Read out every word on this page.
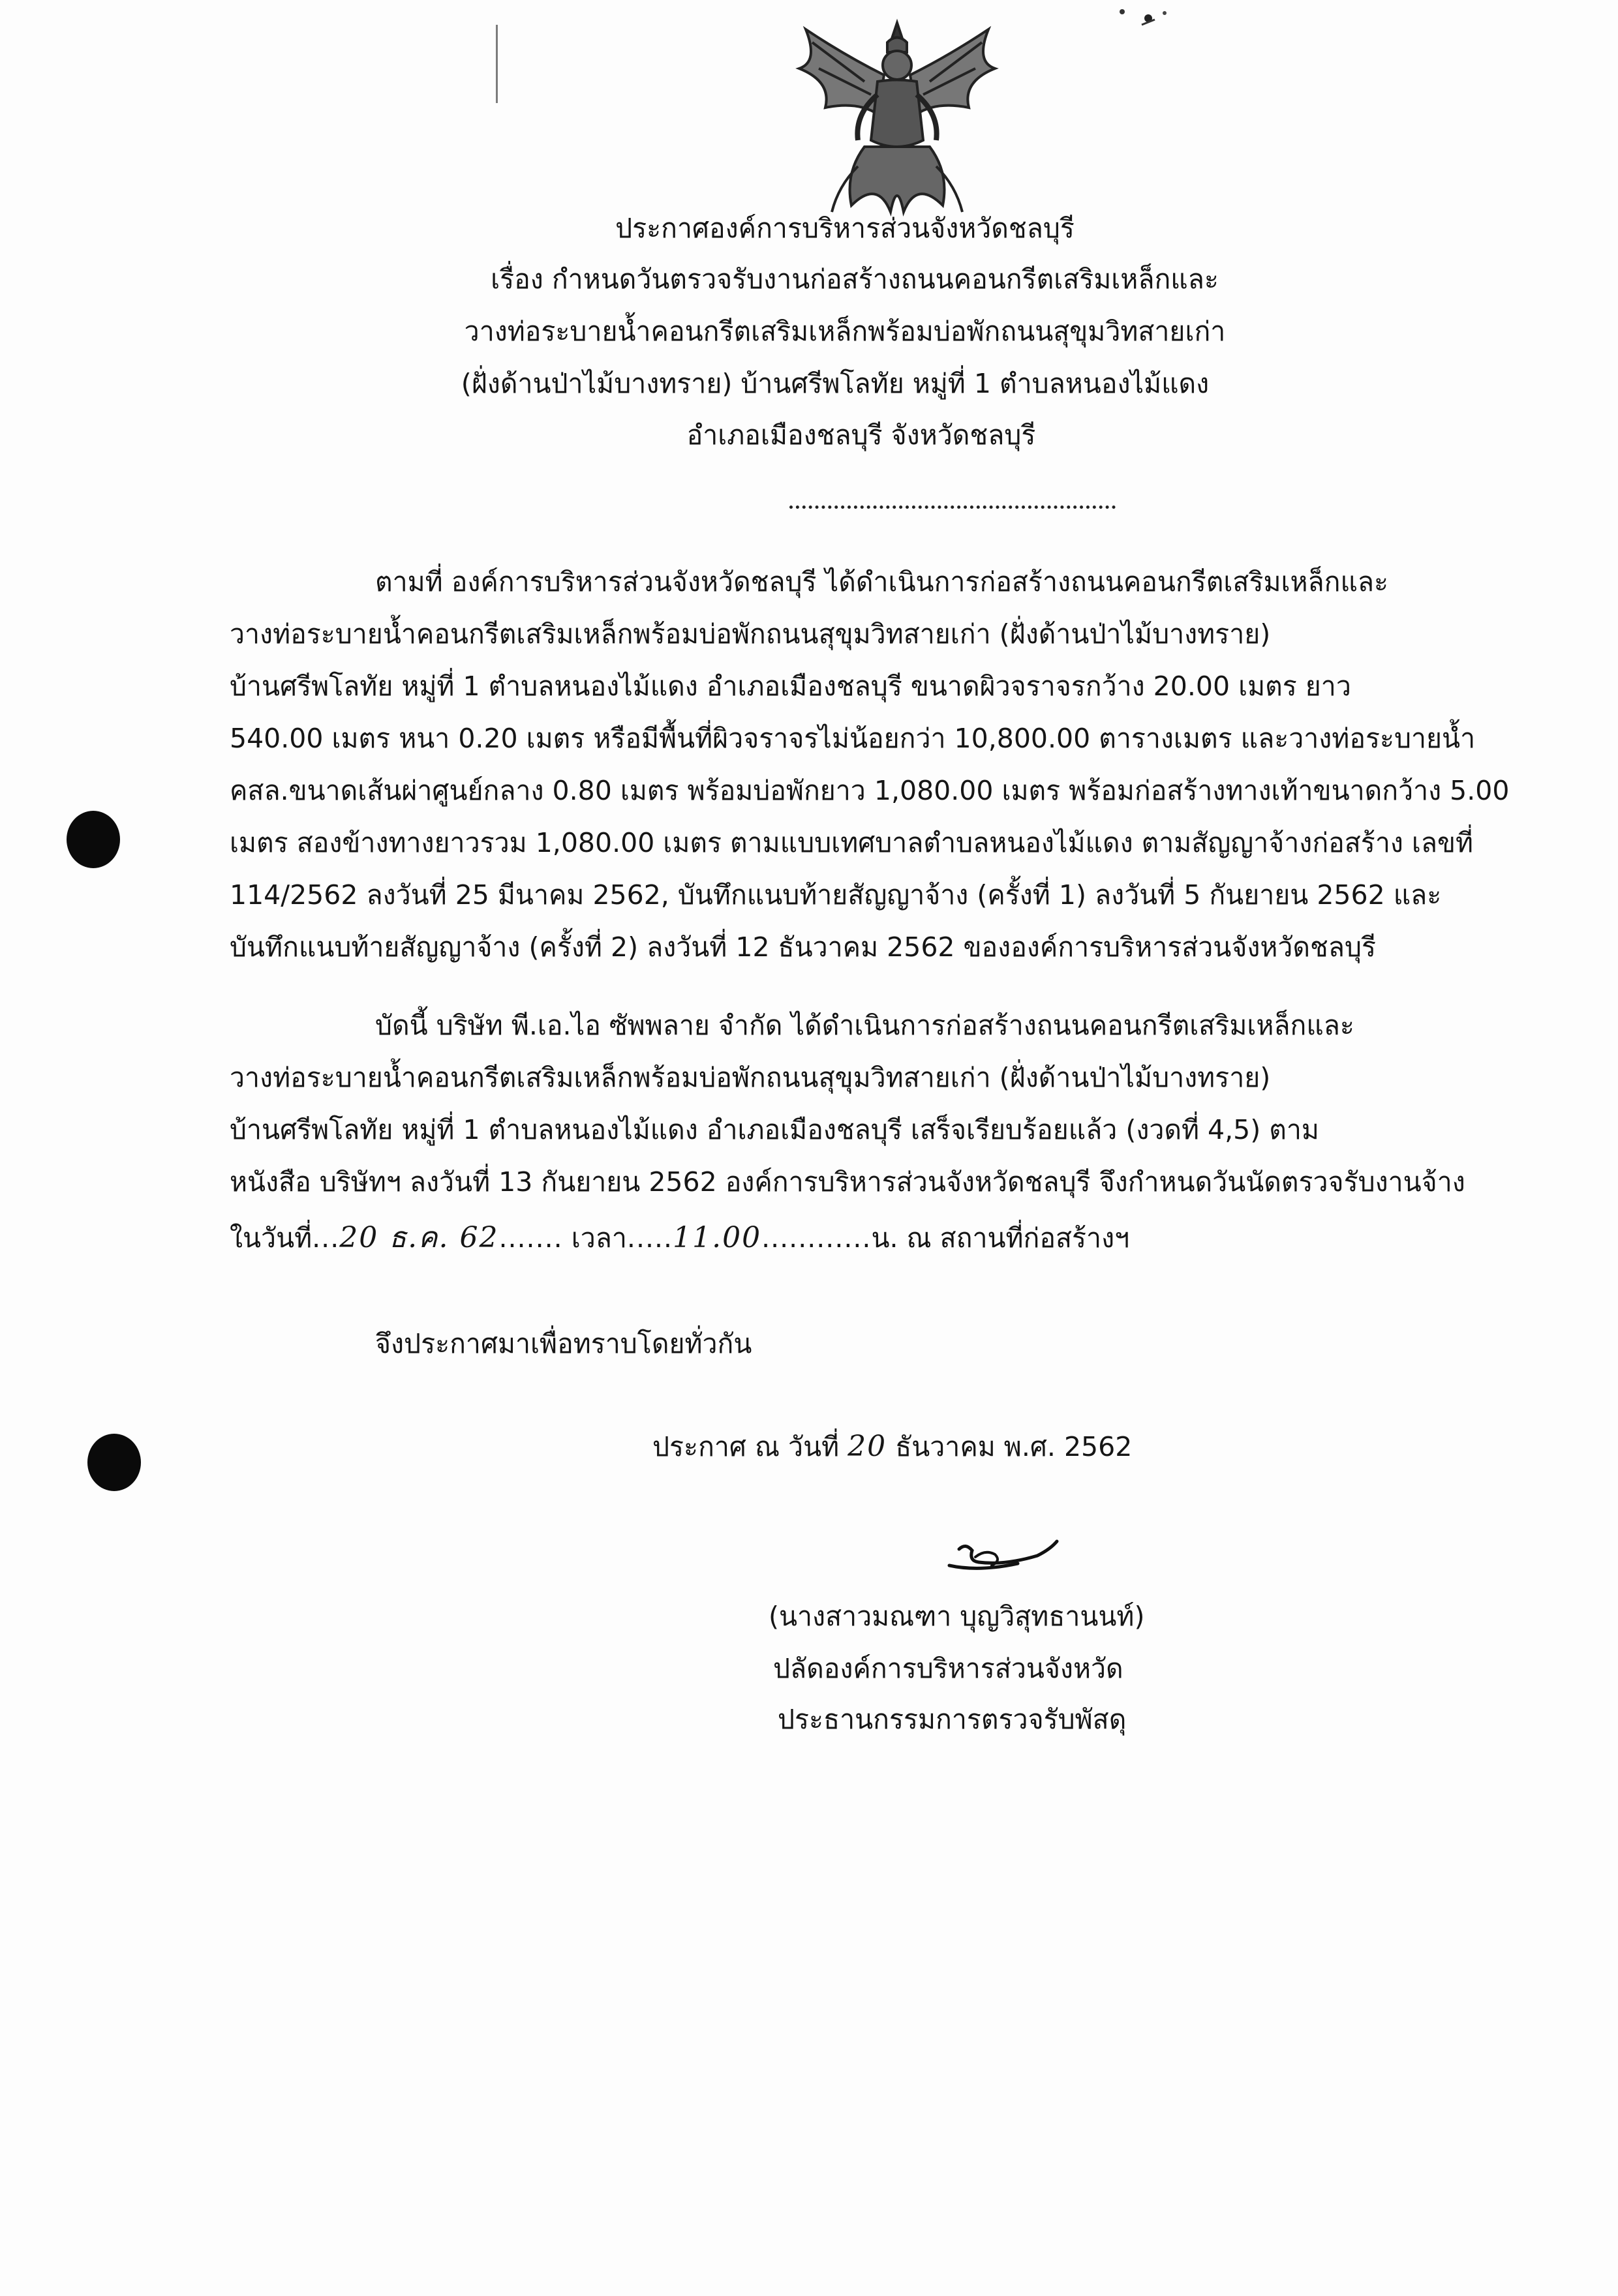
ประกาศองค์การบริหารส่วนจังหวัดชลบุรี
เรื่อง กำหนดวันตรวจรับงานก่อสร้างถนนคอนกรีตเสริมเหล็กและ
วางท่อระบายน้ำคอนกรีตเสริมเหล็กพร้อมบ่อพักถนนสุขุมวิทสายเก่า
(ฝั่งด้านป่าไม้บางทราย) บ้านศรีพโลทัย หมู่ที่ 1 ตำบลหนองไม้แดง
อำเภอเมืองชลบุรี จังหวัดชลบุรี
ตามที่ องค์การบริหารส่วนจังหวัดชลบุรี ได้ดำเนินการก่อสร้างถนนคอนกรีตเสริมเหล็กและ
วางท่อระบายน้ำคอนกรีตเสริมเหล็กพร้อมบ่อพักถนนสุขุมวิทสายเก่า (ฝั่งด้านป่าไม้บางทราย)
บ้านศรีพโลทัย หมู่ที่ 1 ตำบลหนองไม้แดง อำเภอเมืองชลบุรี ขนาดผิวจราจรกว้าง 20.00 เมตร ยาว
540.00 เมตร หนา 0.20 เมตร หรือมีพื้นที่ผิวจราจรไม่น้อยกว่า 10,800.00 ตารางเมตร และวางท่อระบายน้ำ
คสล.ขนาดเส้นผ่าศูนย์กลาง 0.80 เมตร พร้อมบ่อพักยาว 1,080.00 เมตร พร้อมก่อสร้างทางเท้าขนาดกว้าง 5.00
เมตร สองข้างทางยาวรวม 1,080.00 เมตร ตามแบบเทศบาลตำบลหนองไม้แดง ตามสัญญาจ้างก่อสร้าง เลขที่
114/2562 ลงวันที่ 25 มีนาคม 2562, บันทึกแนบท้ายสัญญาจ้าง (ครั้งที่ 1) ลงวันที่ 5 กันยายน 2562 และ
บันทึกแนบท้ายสัญญาจ้าง (ครั้งที่ 2) ลงวันที่ 12 ธันวาคม 2562 ขององค์การบริหารส่วนจังหวัดชลบุรี
บัดนี้ บริษัท พี.เอ.ไอ ซัพพลาย จำกัด ได้ดำเนินการก่อสร้างถนนคอนกรีตเสริมเหล็กและ
วางท่อระบายน้ำคอนกรีตเสริมเหล็กพร้อมบ่อพักถนนสุขุมวิทสายเก่า (ฝั่งด้านป่าไม้บางทราย)
บ้านศรีพโลทัย หมู่ที่ 1 ตำบลหนองไม้แดง อำเภอเมืองชลบุรี เสร็จเรียบร้อยแล้ว (งวดที่ 4,5) ตาม
หนังสือ บริษัทฯ ลงวันที่ 13 กันยายน 2562 องค์การบริหารส่วนจังหวัดชลบุรี จึงกำหนดวันนัดตรวจรับงานจ้าง
ในวันที่...20 ธ.ค. 62....... เวลา.....11.00............น. ณ สถานที่ก่อสร้างฯ
จึงประกาศมาเพื่อทราบโดยทั่วกัน
ประกาศ ณ วันที่ 20 ธันวาคม พ.ศ. 2562
(นางสาวมณฑา บุญวิสุทธานนท์)
ปลัดองค์การบริหารส่วนจังหวัด
ประธานกรรมการตรวจรับพัสดุ
